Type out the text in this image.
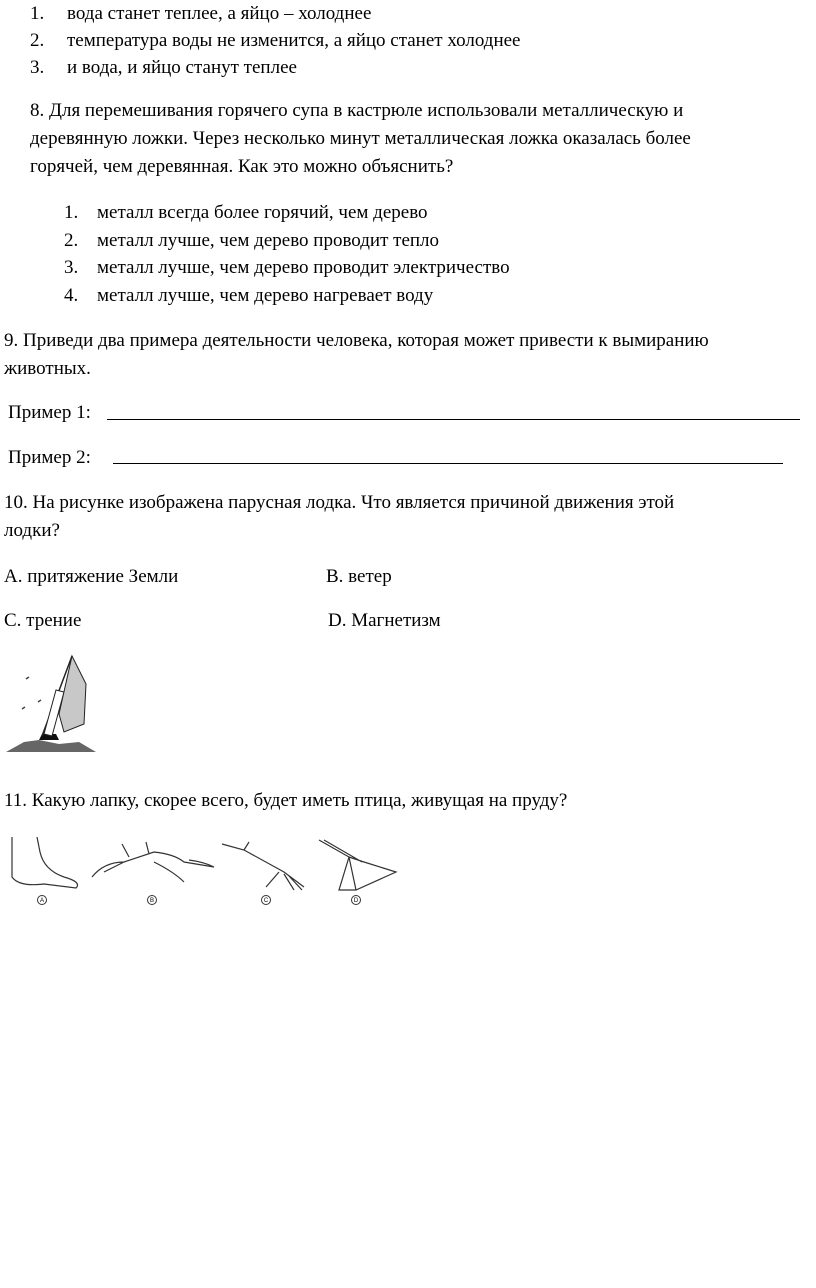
1. вода станет теплее, а яйцо – холоднее
2. температура воды не изменится, а яйцо станет холоднее
3. и вода, и яйцо станут теплее
8. Для перемешивания горячего супа в кастрюле использовали металлическую и
деревянную ложки. Через несколько минут металлическая ложка оказалась более
горячей, чем деревянная. Как это можно объяснить?
1. металл всегда более горячий, чем дерево
2. металл лучше, чем дерево проводит тепло
3. металл лучше, чем дерево проводит электричество
4. металл лучше, чем дерево нагревает воду
9. Приведи два примера деятельности человека, которая может привести к вымиранию
животных.
Пример 1:
Пример 2:
10. На рисунке изображена парусная лодка. Что является причиной движения этой
лодки?
А. притяжение Земли	В. ветер
С. трение	D. Магнетизм
11. Какую лапку, скорее всего, будет иметь птица, живущая на пруду?
A	B	C	D
